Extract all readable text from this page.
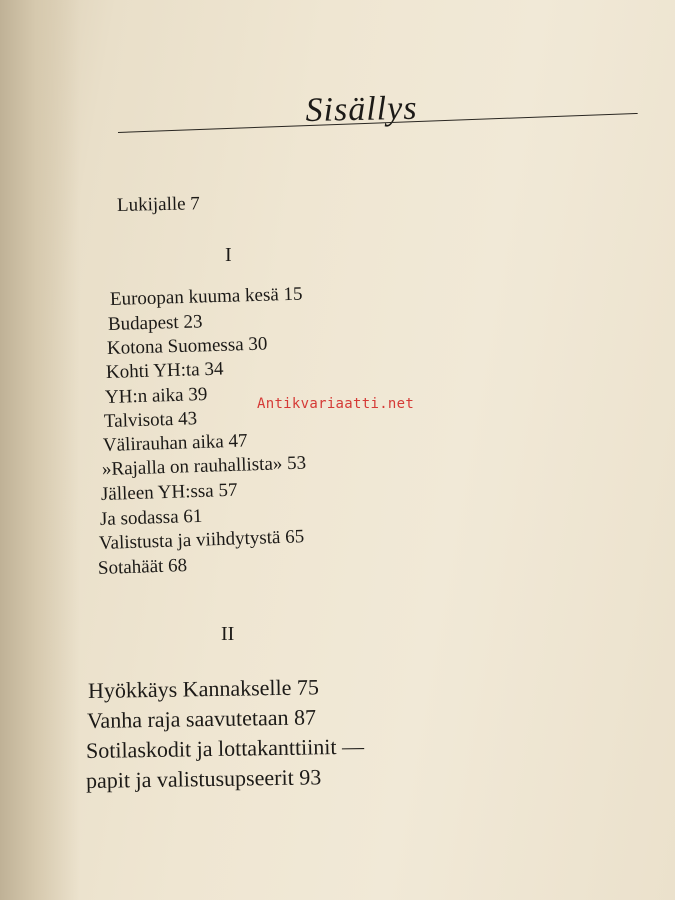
Sisällys

Lukijalle 7

I

Euroopan kuuma kesä 15

Budapest 23

Kotona Suomessa 30

Kohti YH:ta 34

YH:n aika 39

Talvisota 43

Välirauhan aika 47

»Rajalla on rauhallista» 53

Jälleen YH:ssa 57

Ja sodassa 61

Valistusta ja viihdytystä 65

Sotahäät 68

II

Hyökkäys Kannakselle 75

Vanha raja saavutetaan 87

Sotilaskodit ja lottakanttiinit —

papit ja valistusupseerit 93

Antikvariaatti.net
